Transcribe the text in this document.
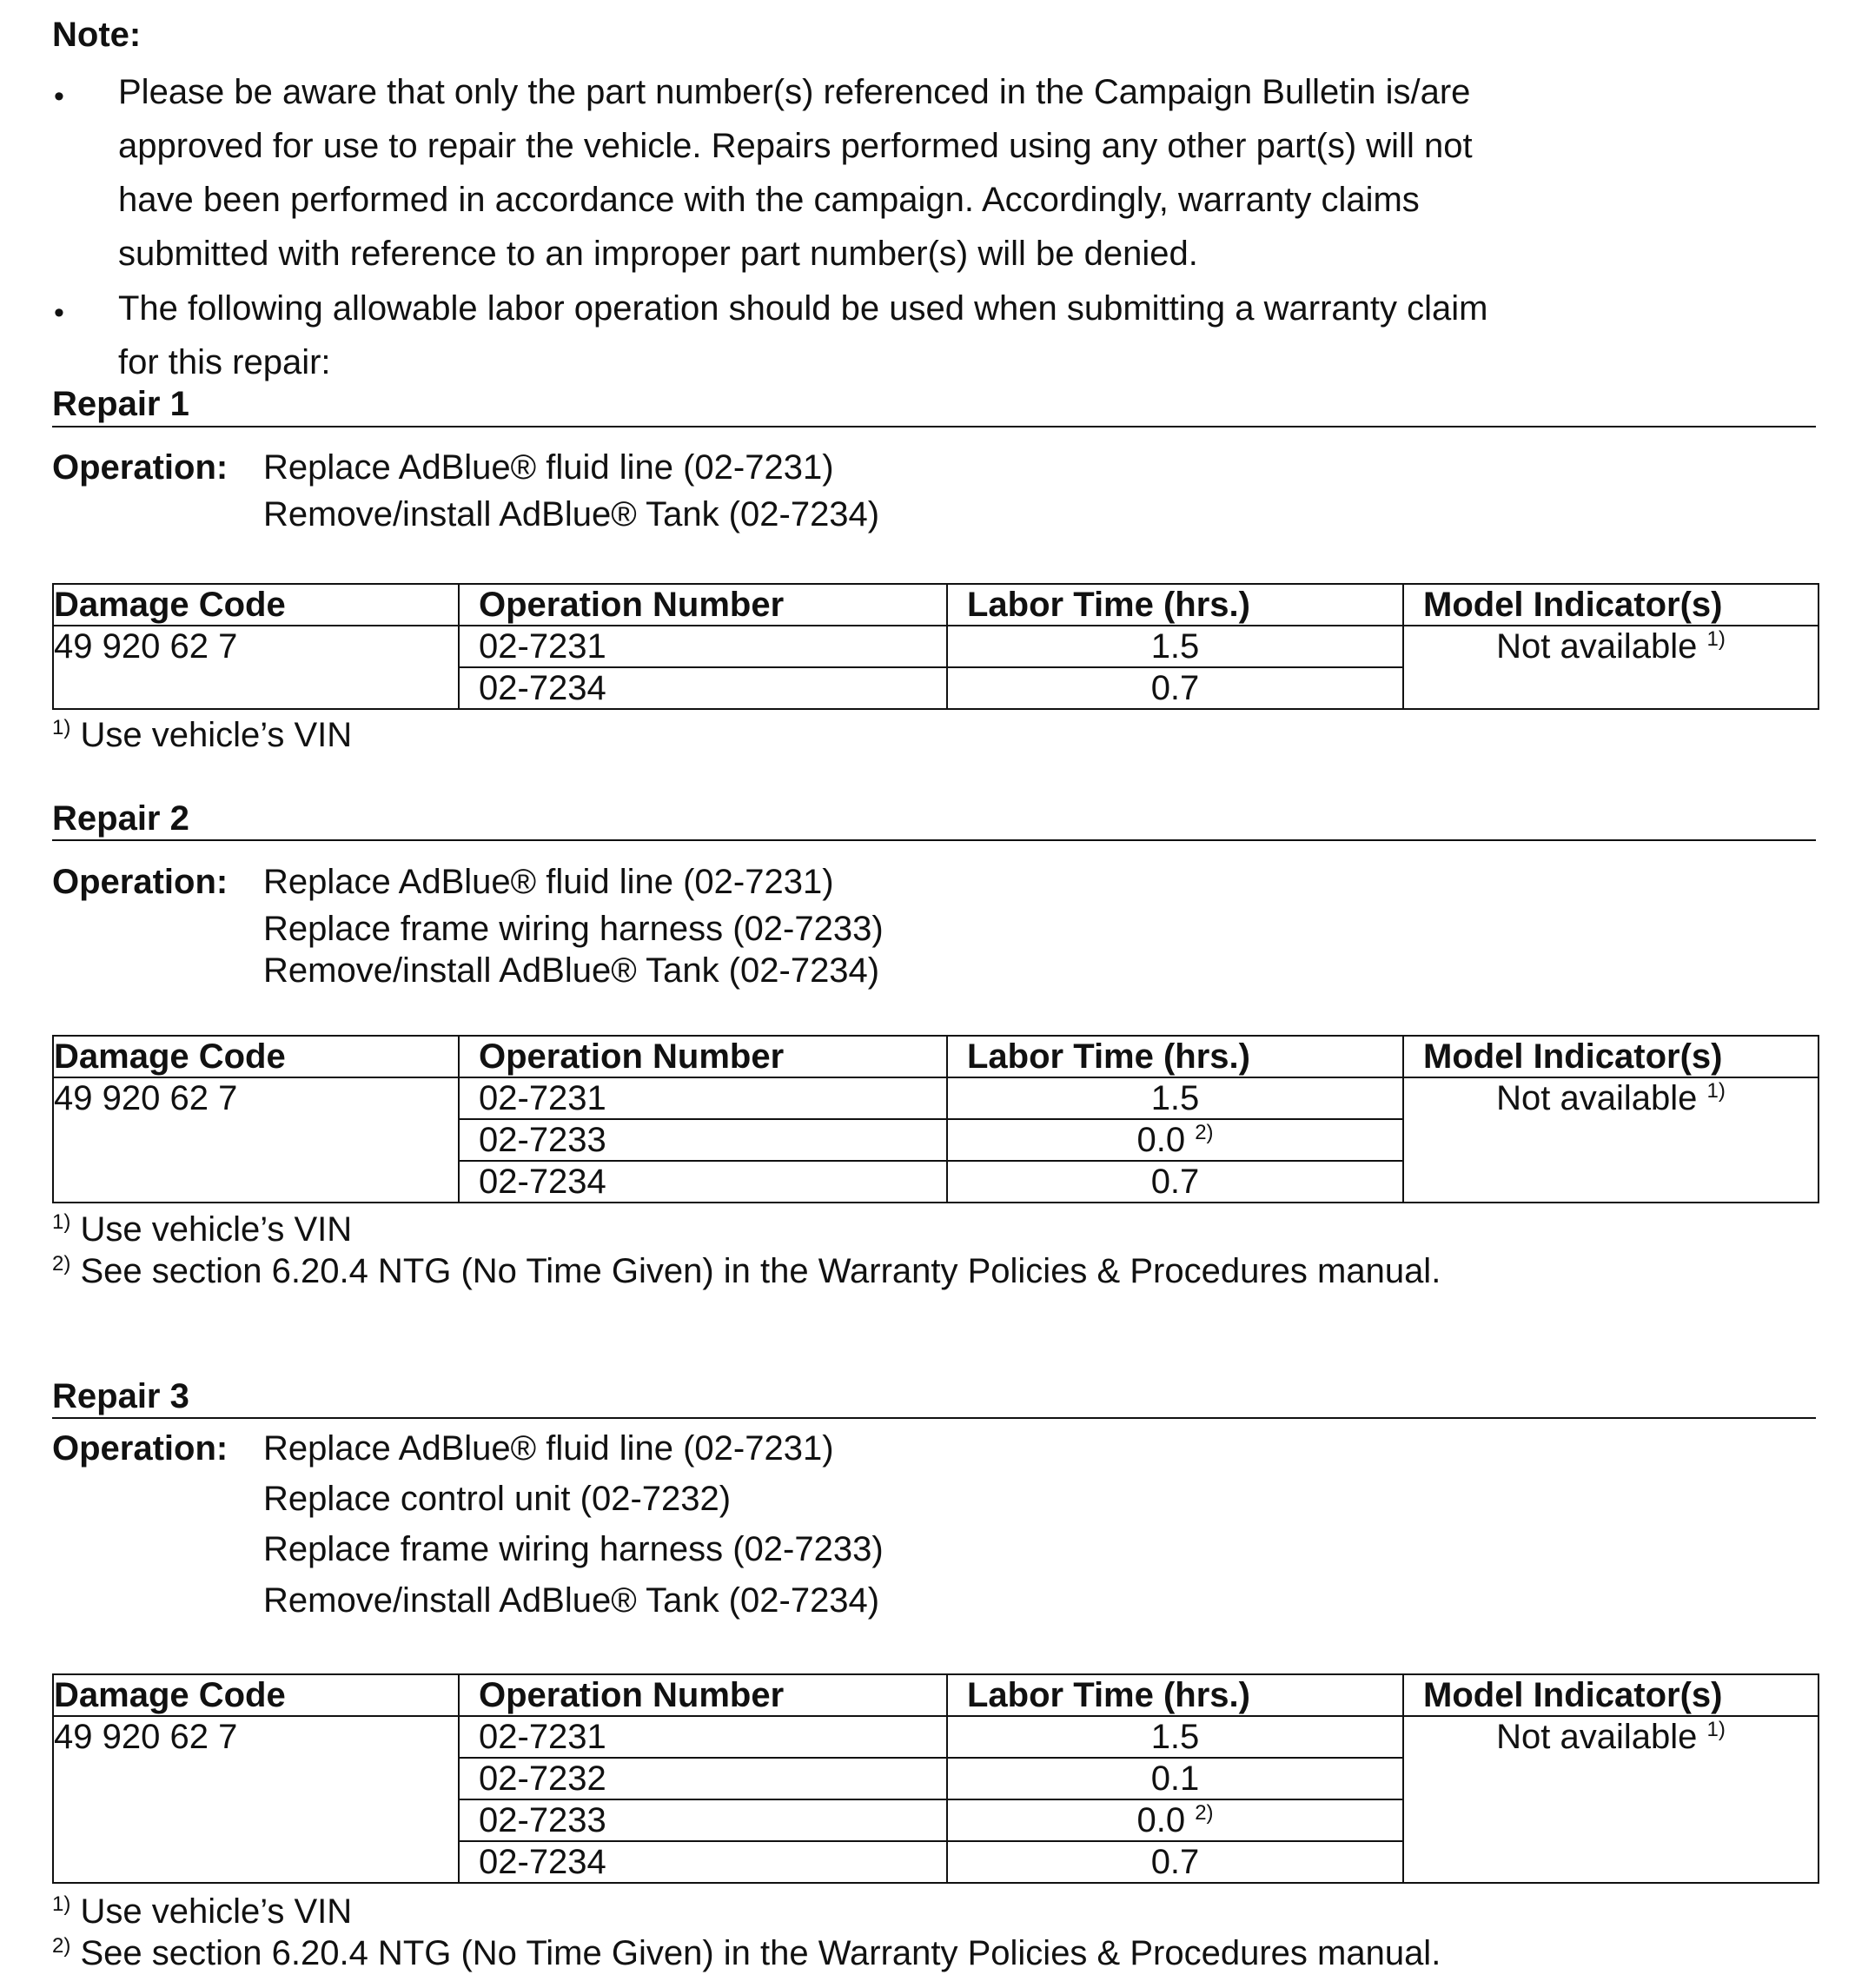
Note:
• Please be aware that only the part number(s) referenced in the Campaign Bulletin is/are
approved for use to repair the vehicle. Repairs performed using any other part(s) will not
have been performed in accordance with the campaign. Accordingly, warranty claims
submitted with reference to an improper part number(s) will be denied.
• The following allowable labor operation should be used when submitting a warranty claim
for this repair:
Repair 1
Operation: Replace AdBlue® fluid line (02-7231)
Remove/install AdBlue® Tank (02-7234)
Damage Code	Operation Number	Labor Time (hrs.)	Model Indicator(s)
49 920 62 7	02-7231	1.5	Not available $^{1)}$
	02-7234	0.7	
$^{1)}$ Use vehicle’s VIN
Repair 2
Operation: Replace AdBlue® fluid line (02-7231)
Replace frame wiring harness (02-7233)
Remove/install AdBlue® Tank (02-7234)
Damage Code	Operation Number	Labor Time (hrs.)	Model Indicator(s)
49 920 62 7	02-7231	1.5	Not available $^{1)}$
	02-7233	0.0 $^{2)}$
	02-7234	0.7	
$^{1)}$ Use vehicle’s VIN
$^{2)}$ See section 6.20.4 NTG (No Time Given) in the Warranty Policies & Procedures manual.
Repair 3
Operation: Replace AdBlue® fluid line (02-7231)
Replace control unit (02-7232)
Replace frame wiring harness (02-7233)
Remove/install AdBlue® Tank (02-7234)
Damage Code	Operation Number	Labor Time (hrs.)	Model Indicator(s)
49 920 62 7	02-7231	1.5	Not available $^{1)}$
	02-7232	0.1	
	02-7233	0.0 $^{2)}$
	02-7234	0.7	
$^{1)}$ Use vehicle’s VIN
$^{2)}$ See section 6.20.4 NTG (No Time Given) in the Warranty Policies & Procedures manual.
